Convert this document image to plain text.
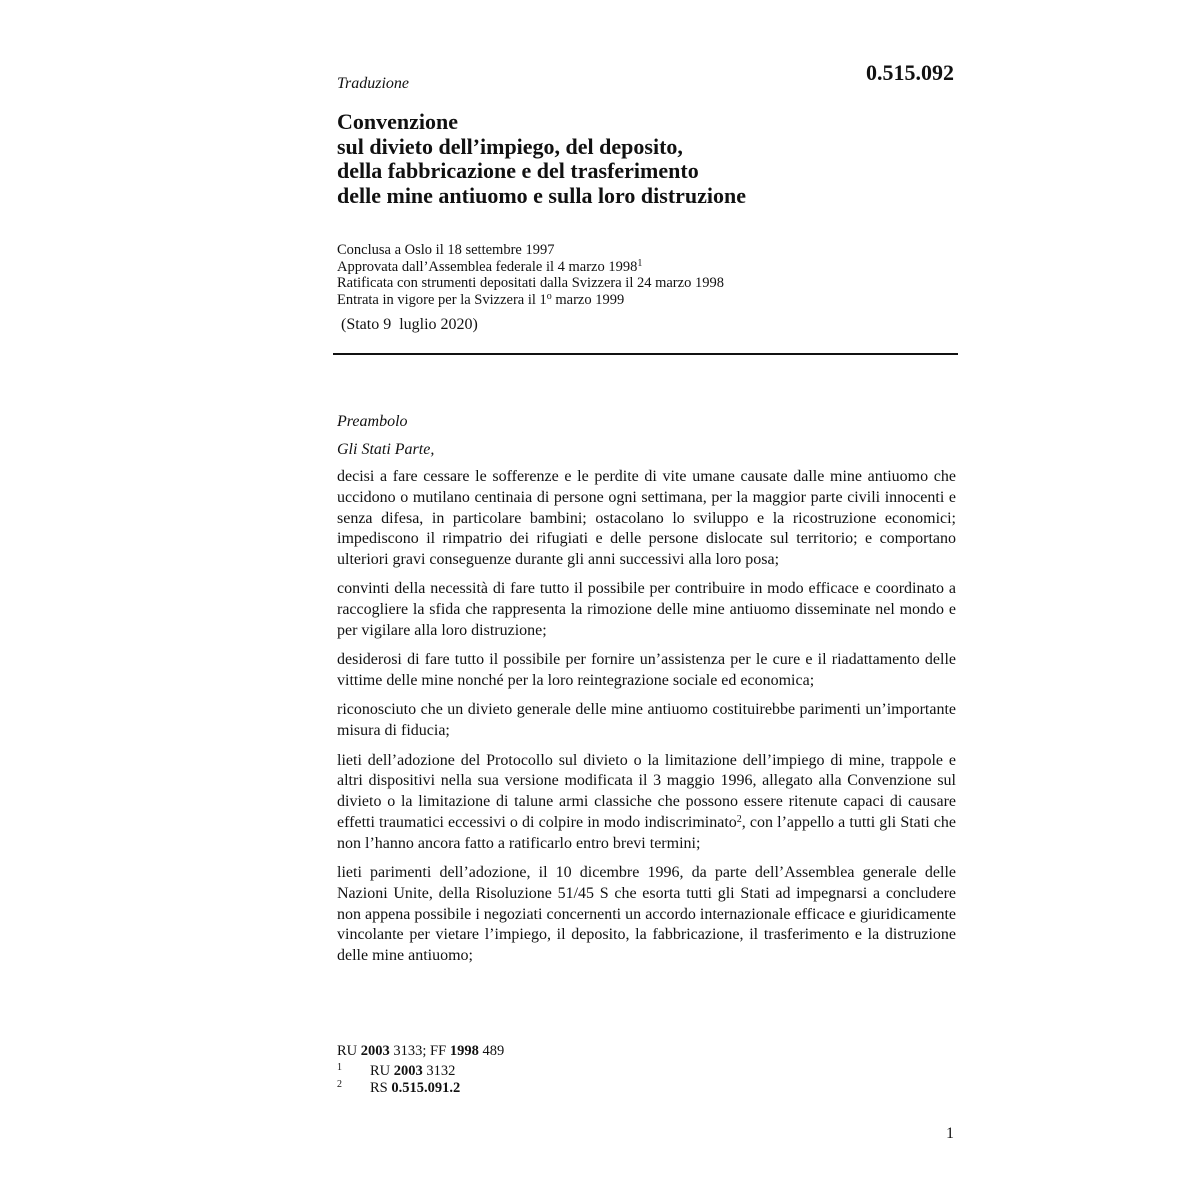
0.515.092
Traduzione
Convenzione
sul divieto dell’impiego, del deposito,
della fabbricazione e del trasferimento
delle mine antiuomo e sulla loro distruzione
Conclusa a Oslo il 18 settembre 1997
Approvata dall’Assemblea federale il 4 marzo 1998$^1$
Ratificata con strumenti depositati dalla Svizzera il 24 marzo 1998
Entrata in vigore per la Svizzera il 1$^o$ marzo 1999
(Stato 9  luglio 2020)
Preambolo
Gli Stati Parte,

decisi a fare cessare le sofferenze e le perdite di vite umane causate dalle mine antiuomo che uccidono o mutilano centinaia di persone ogni settimana, per la maggior parte civili innocenti e senza difesa, in particolare bambini; ostacolano lo sviluppo e la ricostruzione economici; impediscono il rimpatrio dei rifugiati e delle persone dislocate sul territorio; e comportano ulteriori gravi conseguenze durante gli anni successivi alla loro posa;

convinti della necessità di fare tutto il possibile per contribuire in modo efficace e coordinato a raccogliere la sfida che rappresenta la rimozione delle mine antiuomo disseminate nel mondo e per vigilare alla loro distruzione;

desiderosi di fare tutto il possibile per fornire un’assistenza per le cure e il riadattamento delle vittime delle mine nonché per la loro reintegrazione sociale ed economica;

riconosciuto che un divieto generale delle mine antiuomo costituirebbe parimenti un’importante misura di fiducia;

lieti dell’adozione del Protocollo sul divieto o la limitazione dell’impiego di mine, trappole e altri dispositivi nella sua versione modificata il 3 maggio 1996, allegato alla Convenzione sul divieto o la limitazione di talune armi classiche che possono essere ritenute capaci di causare effetti traumatici eccessivi o di colpire in modo indiscriminato$^2$, con l’appello a tutti gli Stati che non l’hanno ancora fatto a ratificarlo entro brevi termini;

lieti parimenti dell’adozione, il 10 dicembre 1996, da parte dell’Assemblea generale delle Nazioni Unite, della Risoluzione 51/45 S che esorta tutti gli Stati ad impegnarsi a concludere non appena possibile i negoziati concernenti un accordo internazionale efficace e giuridicamente vincolante per vietare l’impiego, il deposito, la fabbricazione, il trasferimento e la distruzione delle mine antiuomo;

RU 2003 3133; FF 1998 489
1 RU 2003 3132
2 RS 0.515.091.2
1
